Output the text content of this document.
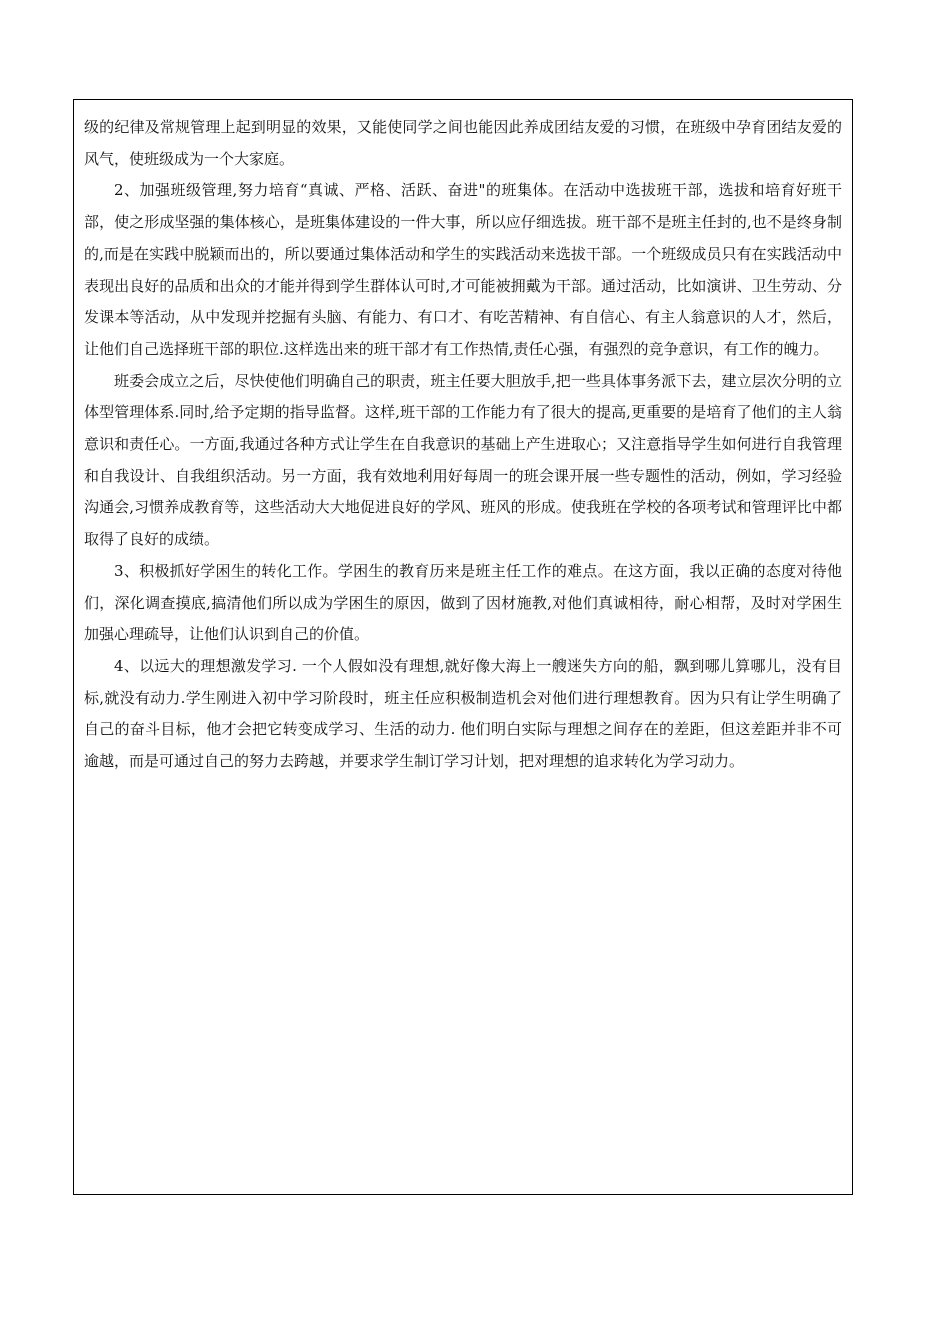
级的纪律及常规管理上起到明显的效果，又能使同学之间也能因此养成团结友爱的习惯，在班级中孕育团结友爱的风气，使班级成为一个大家庭。

2、加强班级管理,努力培育“真诚、严格、活跃、奋进"的班集体。在活动中选拔班干部，选拔和培育好班干部，使之形成坚强的集体核心，是班集体建设的一件大事，所以应仔细选拔。班干部不是班主任封的,也不是终身制的,而是在实践中脱颖而出的，所以要通过集体活动和学生的实践活动来选拔干部。一个班级成员只有在实践活动中表现出良好的品质和出众的才能并得到学生群体认可时,才可能被拥戴为干部。通过活动，比如演讲、卫生劳动、分发课本等活动，从中发现并挖掘有头脑、有能力、有口才、有吃苦精神、有自信心、有主人翁意识的人才，然后，让他们自己选择班干部的职位.这样选出来的班干部才有工作热情,责任心强，有强烈的竞争意识，有工作的魄力。

班委会成立之后，尽快使他们明确自己的职责，班主任要大胆放手,把一些具体事务派下去，建立层次分明的立体型管理体系.同时,给予定期的指导监督。这样,班干部的工作能力有了很大的提高,更重要的是培育了他们的主人翁意识和责任心。一方面,我通过各种方式让学生在自我意识的基础上产生进取心；又注意指导学生如何进行自我管理和自我设计、自我组织活动。另一方面，我有效地利用好每周一的班会课开展一些专题性的活动，例如，学习经验沟通会,习惯养成教育等，这些活动大大地促进良好的学风、班风的形成。使我班在学校的各项考试和管理评比中都取得了良好的成绩。

3、积极抓好学困生的转化工作。学困生的教育历来是班主任工作的难点。在这方面，我以正确的态度对待他们，深化调查摸底,搞清他们所以成为学困生的原因，做到了因材施教,对他们真诚相待，耐心相帮，及时对学困生加强心理疏导，让他们认识到自己的价值。

4、以远大的理想激发学习. 一个人假如没有理想,就好像大海上一艘迷失方向的船，飘到哪儿算哪儿，没有目标,就没有动力.学生刚进入初中学习阶段时，班主任应积极制造机会对他们进行理想教育。因为只有让学生明确了自己的奋斗目标，他才会把它转变成学习、生活的动力. 他们明白实际与理想之间存在的差距，但这差距并非不可逾越，而是可通过自己的努力去跨越，并要求学生制订学习计划，把对理想的追求转化为学习动力。
